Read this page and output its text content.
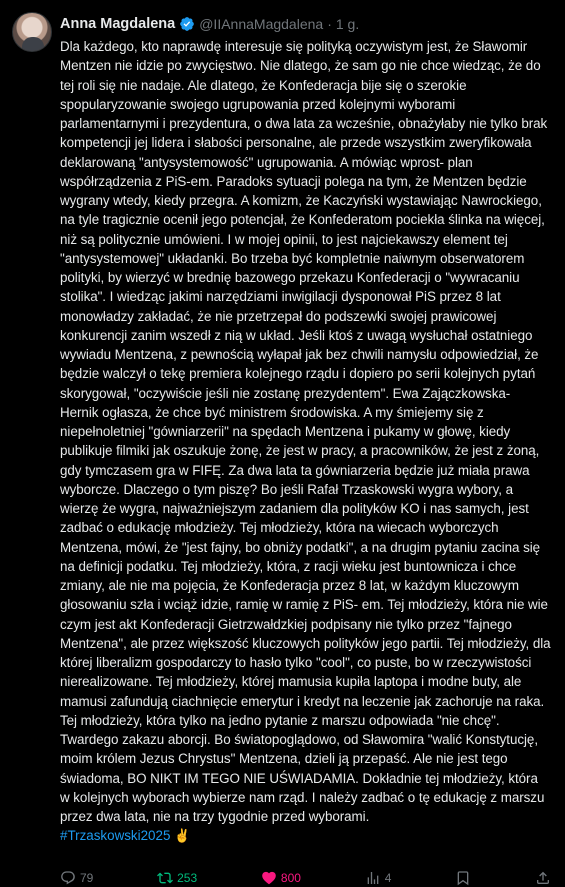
Anna Magdalena @IIAnnaMagdalena · 1 g.
Dla każdego, kto naprawdę interesuje się polityką oczywistym jest, że Sławomir Mentzen nie idzie po zwycięstwo. Nie dlatego, że sam go nie chce wiedząc, że do tej roli się nie nadaje. Ale dlatego, że Konfederacja bije się o szerokie spopularyzowanie swojego ugrupowania przed kolejnymi wyborami parlamentarnymi i prezydentura, o dwa lata za wcześnie, obnażyłaby nie tylko brak kompetencji jej lidera i słabości personalne, ale przede wszystkim zweryfikowała deklarowaną "antysystemowość" ugrupowania. A mówiąc wprost- plan współrządzenia z PiS-em. Paradoks sytuacji polega na tym, że Mentzen będzie wygrany wtedy, kiedy przegra. A komizm, że Kaczyński wystawiając Nawrockiego, na tyle tragicznie ocenił jego potencjał, że Konfederatom pociekła ślinka na więcej, niż są politycznie umówieni. I w mojej opinii, to jest najciekawszy element tej "antysystemowej" układanki. Bo trzeba być kompletnie naiwnym obserwatorem polityki, by wierzyć w brednię bazowego przekazu Konfederacji o "wywracaniu stolika". I wiedząc jakimi narzędziami inwigilacji dysponował PiS przez 8 lat monowładzy zakładać, że nie przetrzepał do podszewki swojej prawicowej konkurencji zanim wszedł z nią w układ. Jeśli ktoś z uwagą wysłuchał ostatniego wywiadu Mentzena, z pewnością wyłapał jak bez chwili namysłu odpowiedział, że będzie walczył o tekę premiera kolejnego rządu i dopiero po serii kolejnych pytań skorygował, "oczywiście jeśli nie zostanę prezydentem". Ewa Zajączkowska- Hernik ogłasza, że chce być ministrem środowiska. A my śmiejemy się z niepełnoletniej "gówniarzerii" na spędach Mentzena i pukamy w głowę, kiedy publikuje filmiki jak oszukuje żonę, że jest w pracy, a pracowników, że jest z żoną, gdy tymczasem gra w FIFĘ. Za dwa lata ta gówniarzeria będzie już miała prawa wyborcze. Dlaczego o tym piszę? Bo jeśli Rafał Trzaskowski wygra wybory, a wierzę że wygra, najważniejszym zadaniem dla polityków KO i nas samych, jest zadbać o edukację młodzieży. Tej młodzieży, która na wiecach wyborczych Mentzena, mówi, że "jest fajny, bo obniży podatki", a na drugim pytaniu zacina się na definicji podatku. Tej młodzieży, która, z racji wieku jest buntownicza i chce zmiany, ale nie ma pojęcia, że Konfederacja przez 8 lat, w każdym kluczowym głosowaniu szła i wciąż idzie, ramię w ramię z PiS- em. Tej młodzieży, która nie wie czym jest akt Konfederacji Gietrzwałdzkiej podpisany nie tylko przez "fajnego Mentzena", ale przez większość kluczowych polityków jego partii. Tej młodzieży, dla której liberalizm gospodarczy to hasło tylko "cool", co puste, bo w rzeczywistości nierealizowane. Tej młodzieży, której mamusia kupiła laptopa i modne buty, ale mamusi zafundują ciachnięcie emerytur i kredyt na leczenie jak zachoruje na raka. Tej młodzieży, która tylko na jedno pytanie z marszu odpowiada "nie chcę". Twardego zakazu aborcji. Bo światopoglądowo, od Sławomira "walić Konstytucję, moim królem Jezus Chrystus" Mentzena, dzieli ją przepaść. Ale nie jest tego świadoma, BO NIKT IM TEGO NIE UŚWIADAMIA. Dokładnie tej młodzieży, która w kolejnych wyborach wybierze nam rząd. I należy zadbać o tę edukację z marszu przez dwa lata, nie na trzy tygodnie przed wyborami.
#Trzaskowski2025 ✌️
79	253	800	4
